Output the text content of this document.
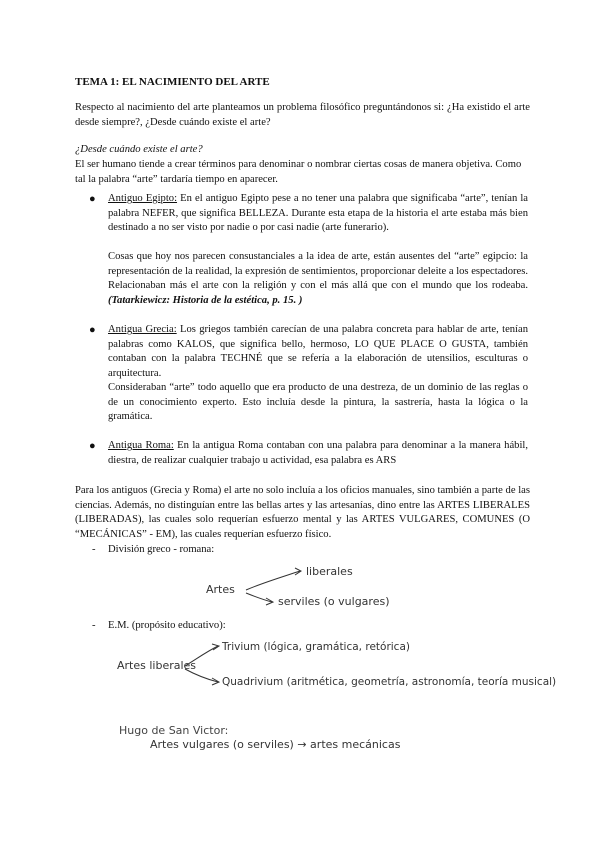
TEMA 1: EL NACIMIENTO DEL ARTE
Respecto al nacimiento del arte planteamos un problema filosófico preguntándonos si: ¿Ha existido el arte desde siempre?, ¿Desde cuándo existe el arte?
¿Desde cuándo existe el arte?
El ser humano tiende a crear términos para denominar o nombrar ciertas cosas de manera objetiva. Como tal la palabra “arte” tardaría tiempo en aparecer.
● Antiguo Egipto: En el antiguo Egipto pese a no tener una palabra que significaba “arte”, tenían la palabra NEFER, que significa BELLEZA. Durante esta etapa de la historia el arte estaba más bien destinado a no ser visto por nadie o por casi nadie (arte funerario).
Cosas que hoy nos parecen consustanciales a la idea de arte, están ausentes del “arte” egipcio: la representación de la realidad, la expresión de sentimientos, proporcionar deleite a los espectadores. Relacionaban más el arte con la religión y con el más allá que con el mundo que los rodeaba. (Tatarkiewicz: Historia de la estética, p. 15. )
● Antigua Grecia: Los griegos también carecían de una palabra concreta para hablar de arte, tenían palabras como KALOS, que significa bello, hermoso, LO QUE PLACE O GUSTA, también contaban con la palabra TECHNÉ que se refería a la elaboración de utensilios, esculturas o arquitectura.
Consideraban “arte” todo aquello que era producto de una destreza, de un dominio de las reglas o de un conocimiento experto. Esto incluía desde la pintura, la sastrería, hasta la lógica o la gramática.
● Antigua Roma: En la antigua Roma contaban con una palabra para denominar a la manera hábil, diestra, de realizar cualquier trabajo u actividad, esa palabra es ARS
Para los antiguos (Grecia y Roma) el arte no solo incluía a los oficios manuales, sino también a parte de las ciencias. Además, no distinguían entre las bellas artes y las artesanías, dino entre las ARTES LIBERALES (LIBERADAS), las cuales solo requerían esfuerzo mental y las ARTES VULGARES, COMUNES (O “MECÁNICAS” - EM), las cuales requerían esfuerzo físico.
- División greco - romana:
Artes
liberales
serviles (o vulgares)
- E.M. (propósito educativo):
Artes liberales
Trivium (lógica, gramática, retórica)
Quadrivium (aritmética, geometría, astronomía, teoría musical)
Hugo de San Victor:
Artes vulgares (o serviles) → artes mecánicas
